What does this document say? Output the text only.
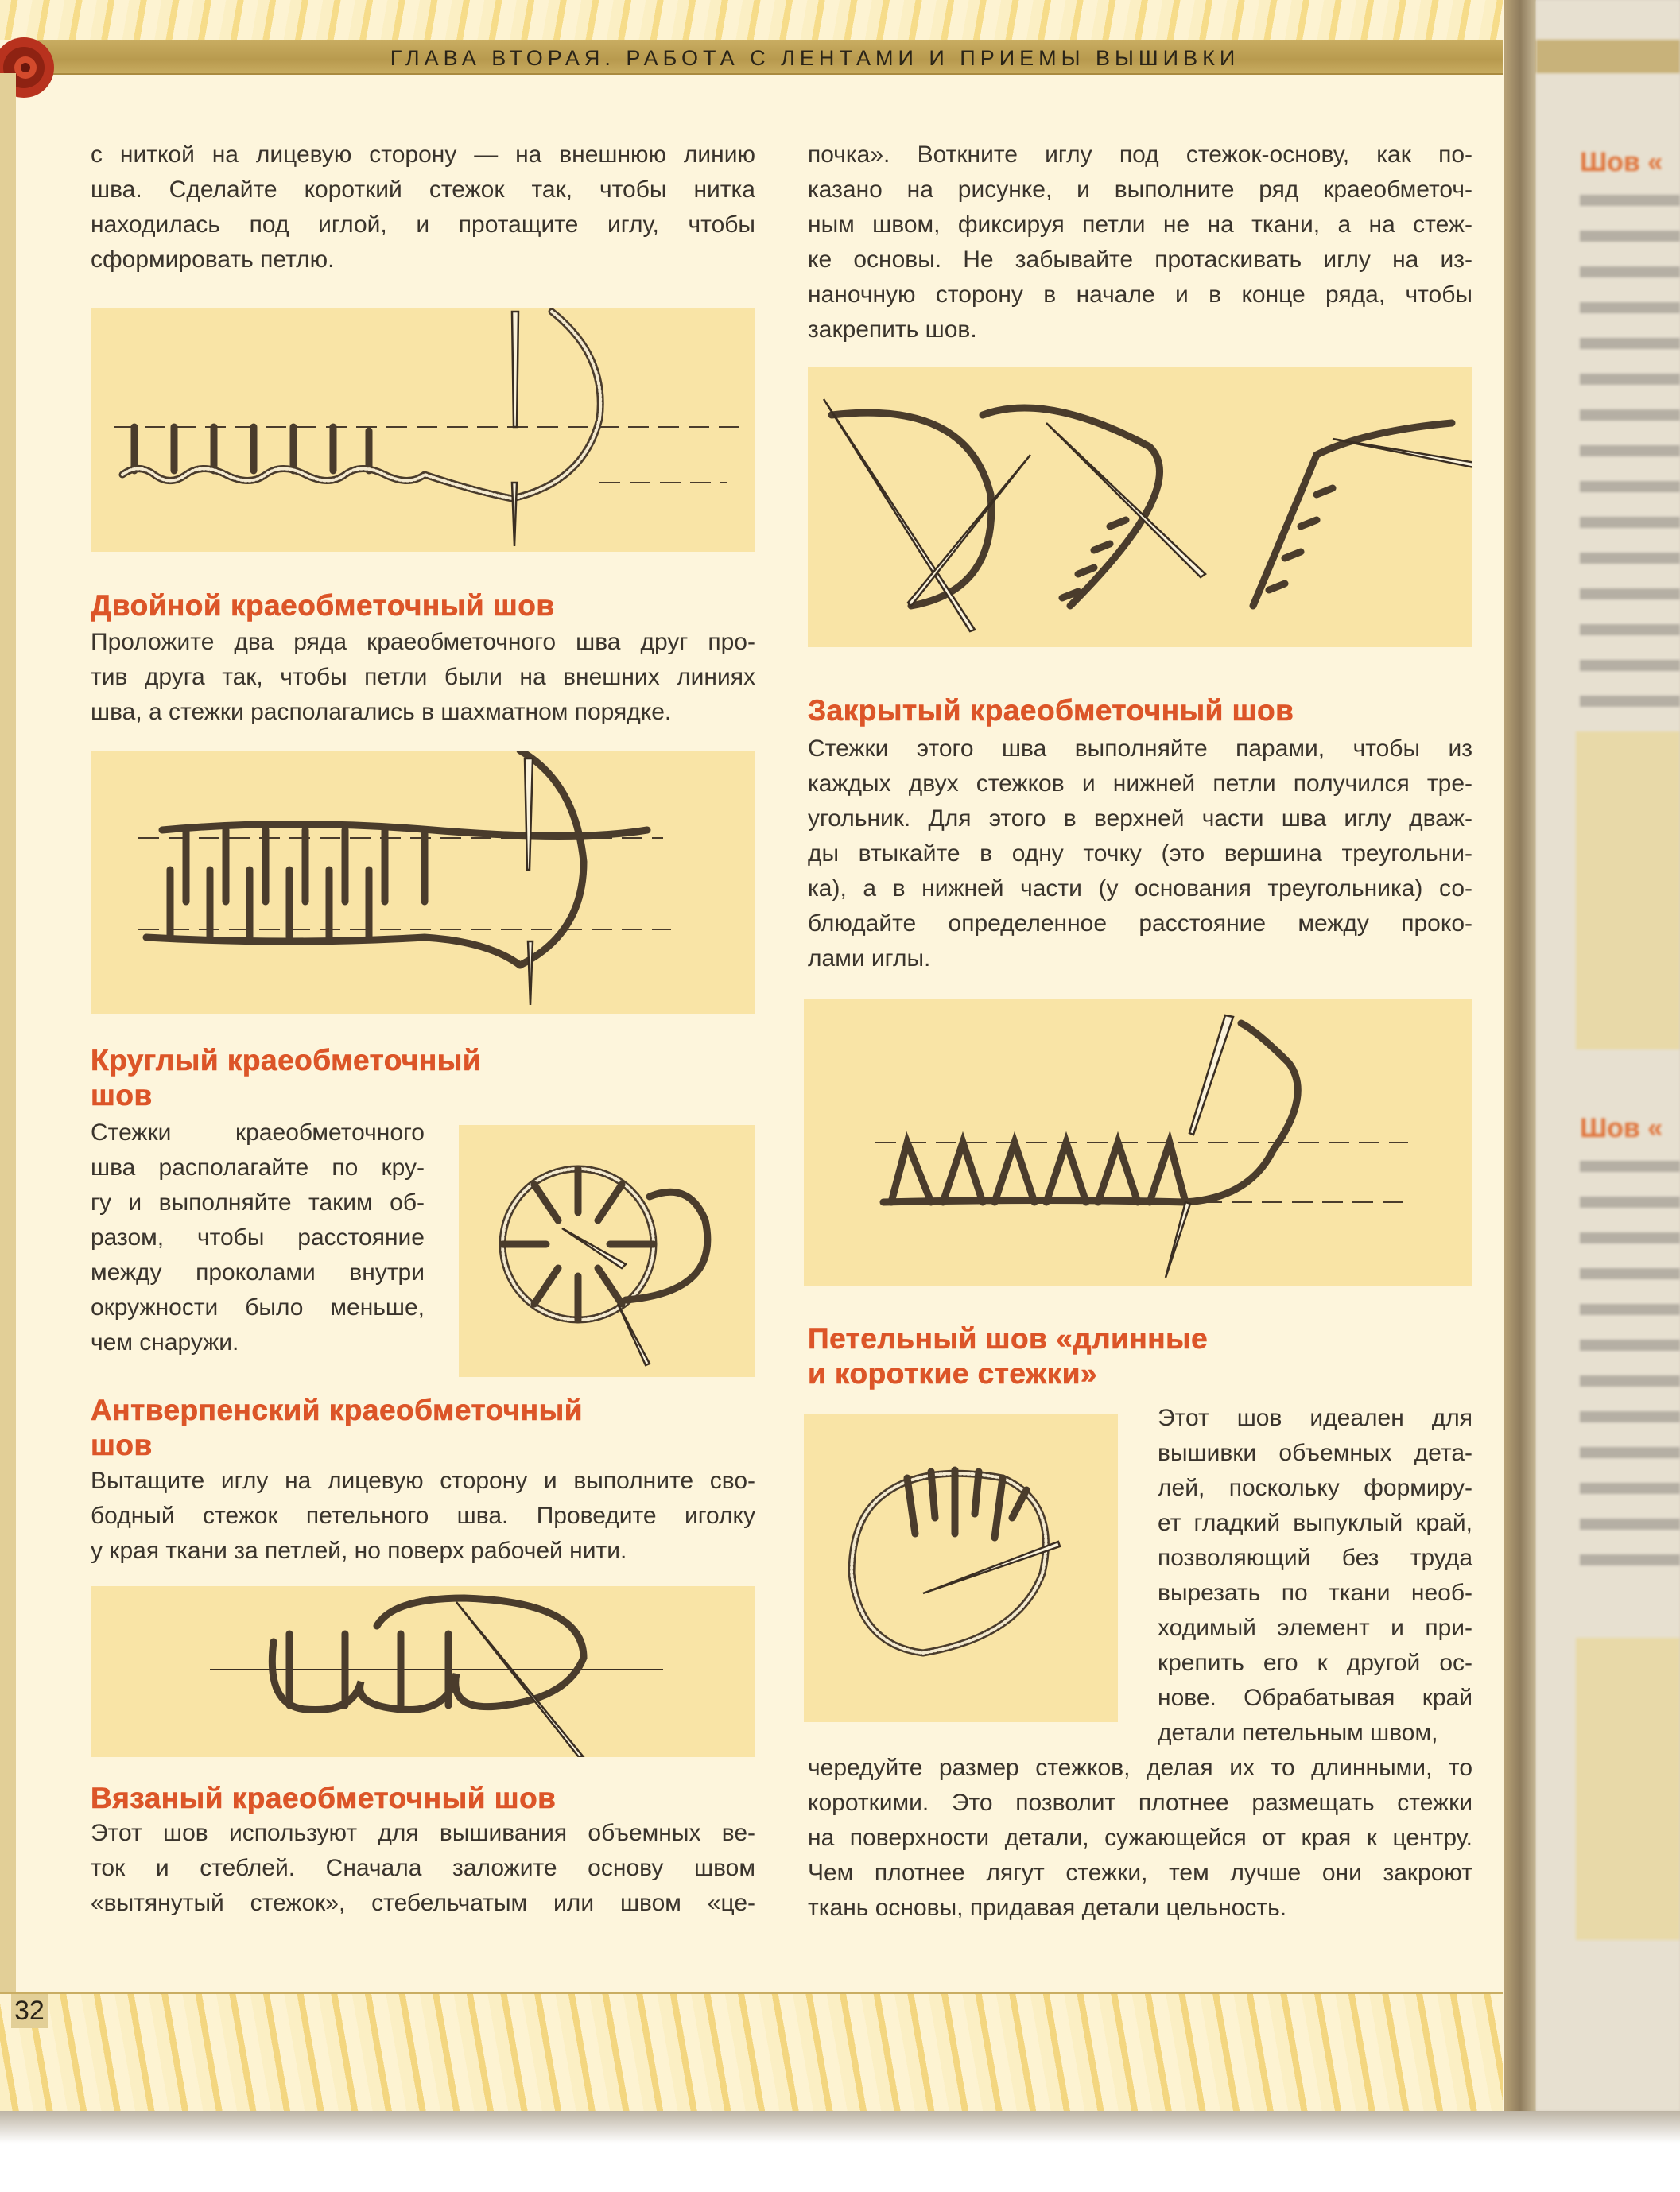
ГЛАВА ВТОРАЯ. РАБОТА С ЛЕНТАМИ И ПРИЕМЫ ВЫШИВКИ
с ниткой на лицевую сторону — на внешнюю линию
шва. Сделайте короткий стежок так, чтобы нитка
находилась под иглой, и протащите иглу, чтобы
сформировать петлю.
Двойной краеобметочный шов
Проложите два ряда краеобметочного шва друг про-
тив друга так, чтобы петли были на внешних линиях
шва, а стежки располагались в шахматном порядке.
Круглый краеобметочный
шов
Стежки краеобметочного
шва располагайте по кру-
гу и выполняйте таким об-
разом, чтобы расстояние
между проколами внутри
окружности было меньше,
чем снаружи.
Антверпенский краеобметочный
шов
Вытащите иглу на лицевую сторону и выполните сво-
бодный стежок петельного шва. Проведите иголку
у края ткани за петлей, но поверх рабочей нити.
Вязаный краеобметочный шов
Этот шов используют для вышивания объемных ве-
ток и стеблей. Сначала заложите основу швом
«вытянутый стежок», стебельчатым или швом «це-
почка». Воткните иглу под стежок-основу, как по-
казано на рисунке, и выполните ряд краеобметоч-
ным швом, фиксируя петли не на ткани, а на стеж-
ке основы. Не забывайте протаскивать иглу на из-
наночную сторону в начале и в конце ряда, чтобы
закрепить шов.
Закрытый краеобметочный шов
Стежки этого шва выполняйте парами, чтобы из
каждых двух стежков и нижней петли получился тре-
угольник. Для этого в верхней части шва иглу дваж-
ды втыкайте в одну точку (это вершина треугольни-
ка), а в нижней части (у основания треугольника) со-
блюдайте определенное расстояние между проко-
лами иглы.
Петельный шов «длинные
и короткие стежки»
Этот шов идеален для
вышивки объемных дета-
лей, поскольку формиру-
ет гладкий выпуклый край,
позволяющий без труда
вырезать по ткани необ-
ходимый элемент и при-
крепить его к другой ос-
нове. Обрабатывая край
детали петельным швом,
чередуйте размер стежков, делая их то длинными, то
короткими. Это позволит плотнее размещать стежки
на поверхности детали, сужающейся от края к центру.
Чем плотнее лягут стежки, тем лучше они закроют
ткань основы, придавая детали цельность.
32
Шов «
Шов «
